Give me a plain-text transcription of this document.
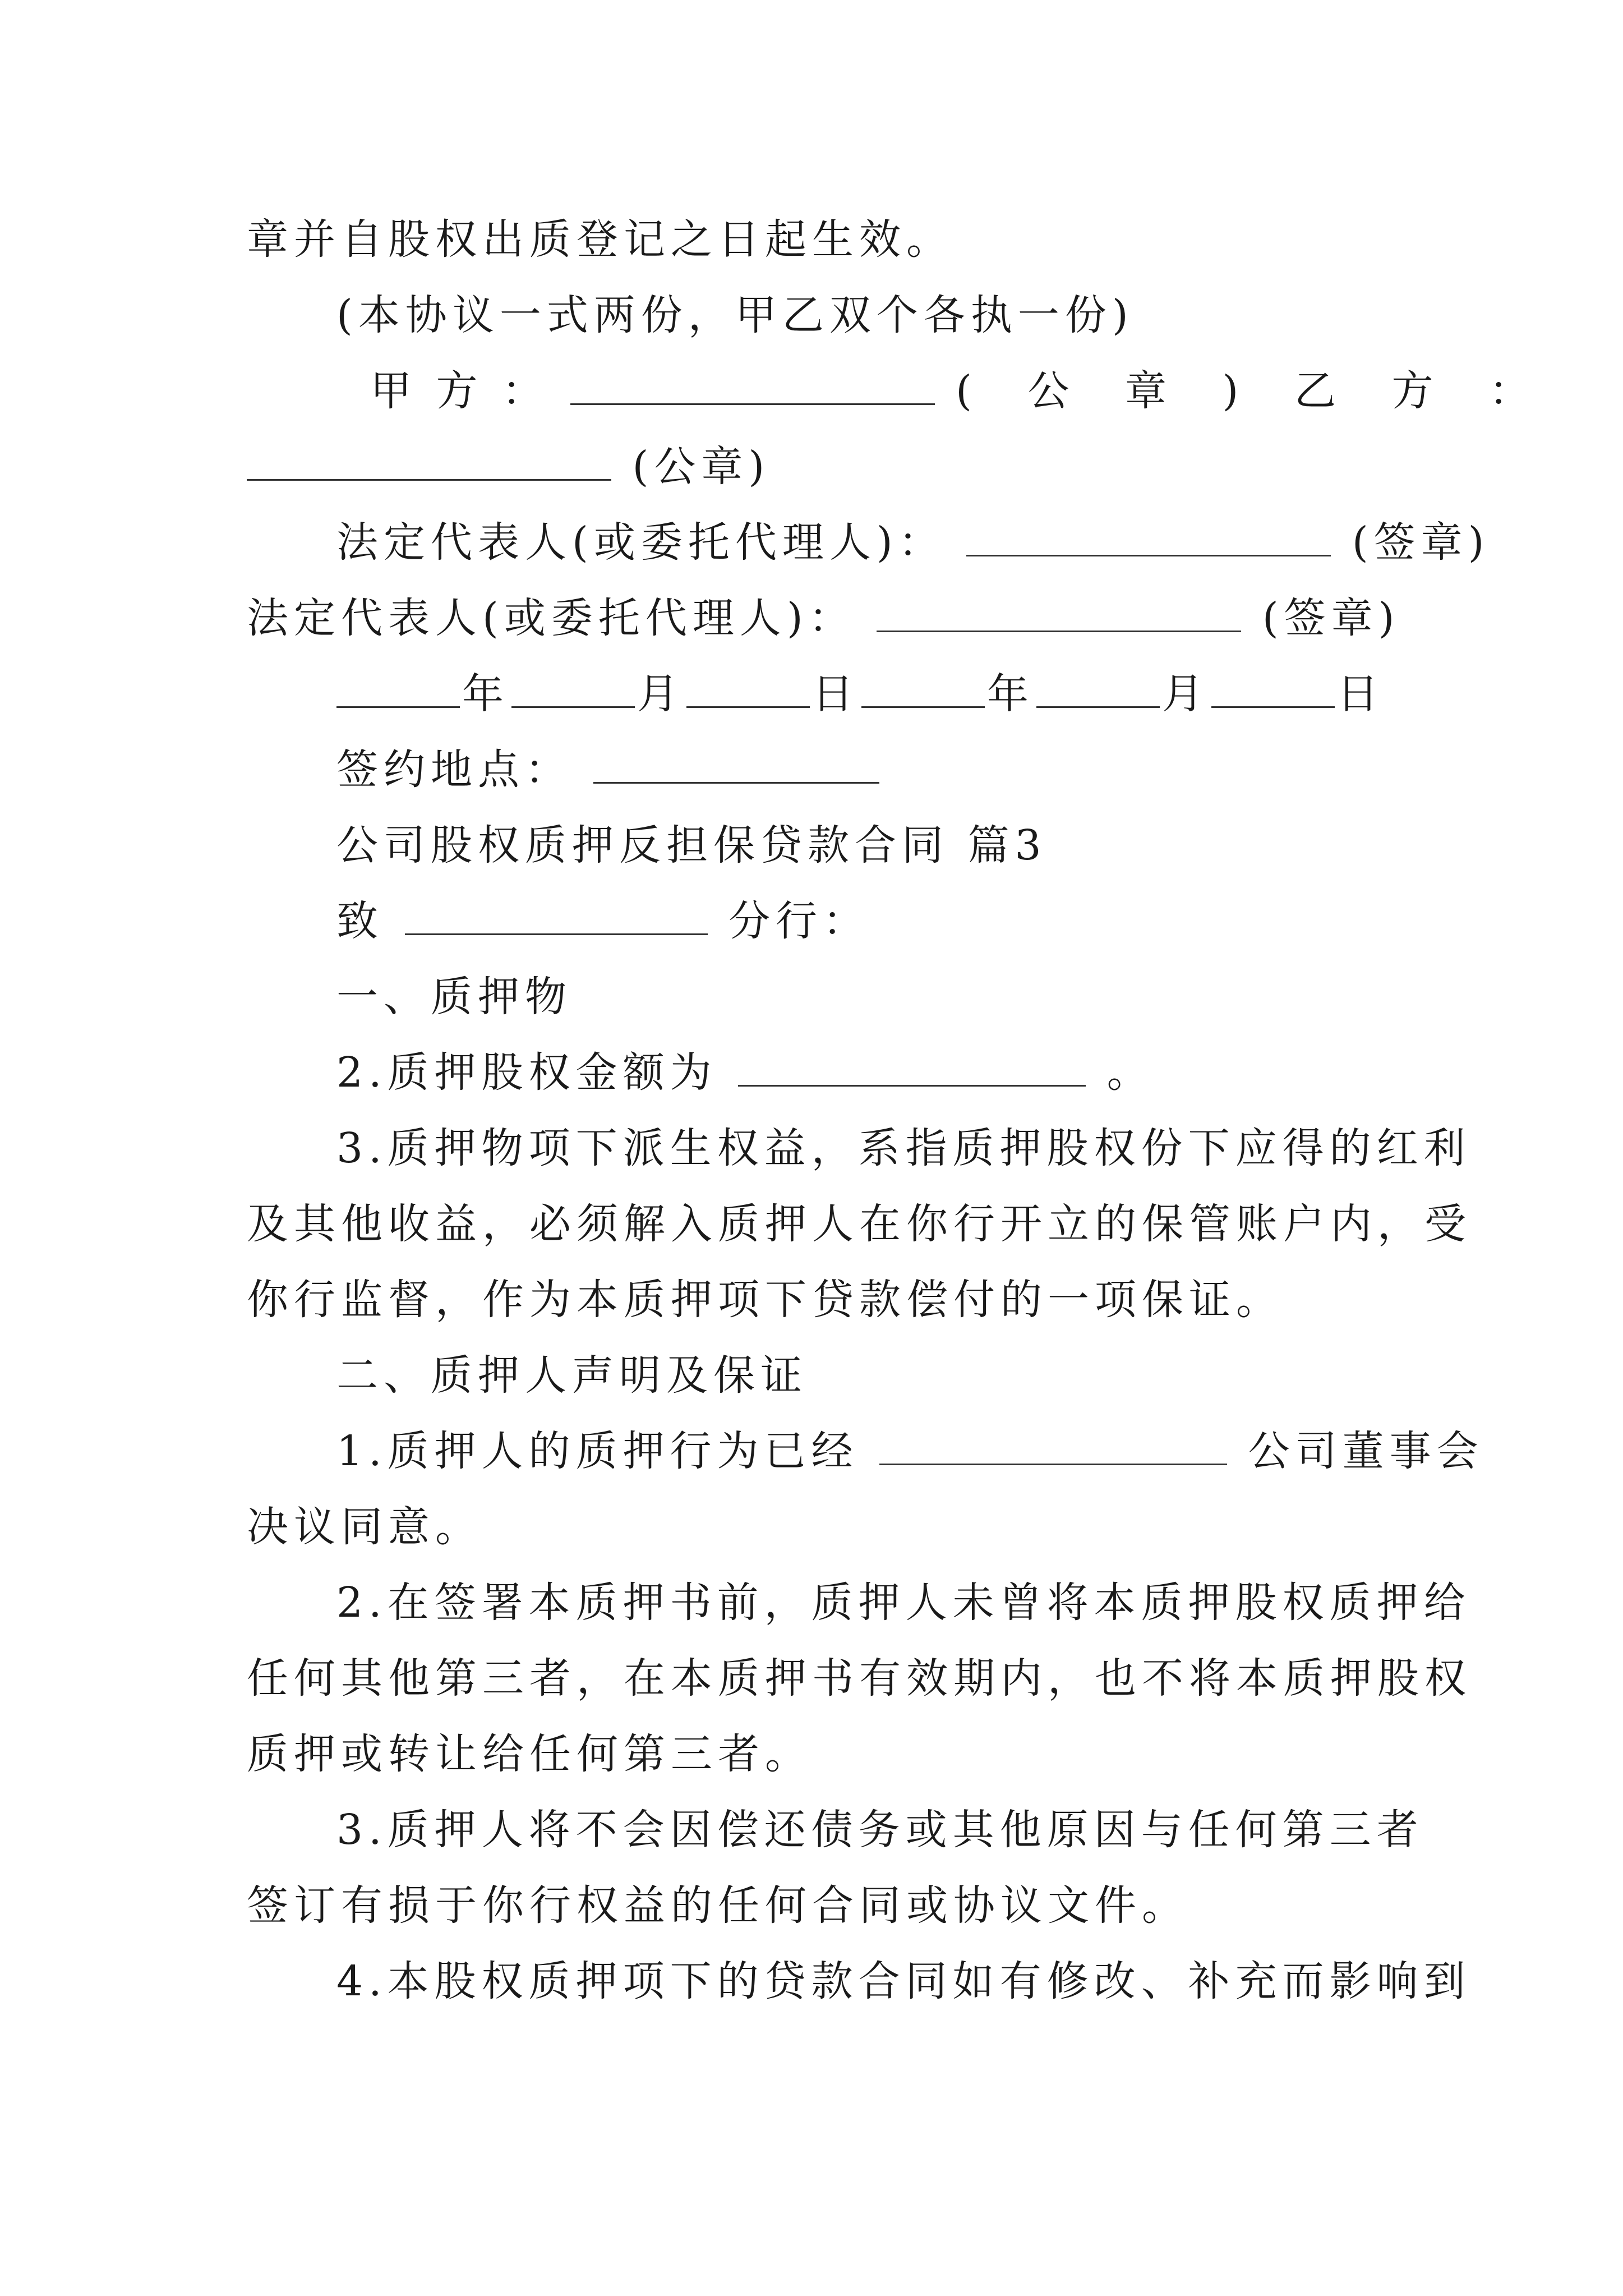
章并自股权出质登记之日起生效。
(本协议一式两份，甲乙双个各执一份)
甲 方 ：	( 公 章 ) 乙 方 ：
(公章)
法定代表人(或委托代理人)：	(签章)
法定代表人(或委托代理人)：	(签章)
年	月	日	年	月	日
签约地点：
公司股权质押反担保贷款合同 篇3
致	分行：
一、质押物
2.质押股权金额为	。
3.质押物项下派生权益，系指质押股权份下应得的红利
及其他收益，必须解入质押人在你行开立的保管账户内，受
你行监督，作为本质押项下贷款偿付的一项保证。
二、质押人声明及保证
1.质押人的质押行为已经	公司董事会
决议同意。
2.在签署本质押书前，质押人未曾将本质押股权质押给
任何其他第三者，在本质押书有效期内，也不将本质押股权
质押或转让给任何第三者。
3.质押人将不会因偿还债务或其他原因与任何第三者
签订有损于你行权益的任何合同或协议文件。
4.本股权质押项下的贷款合同如有修改、补充而影响到
